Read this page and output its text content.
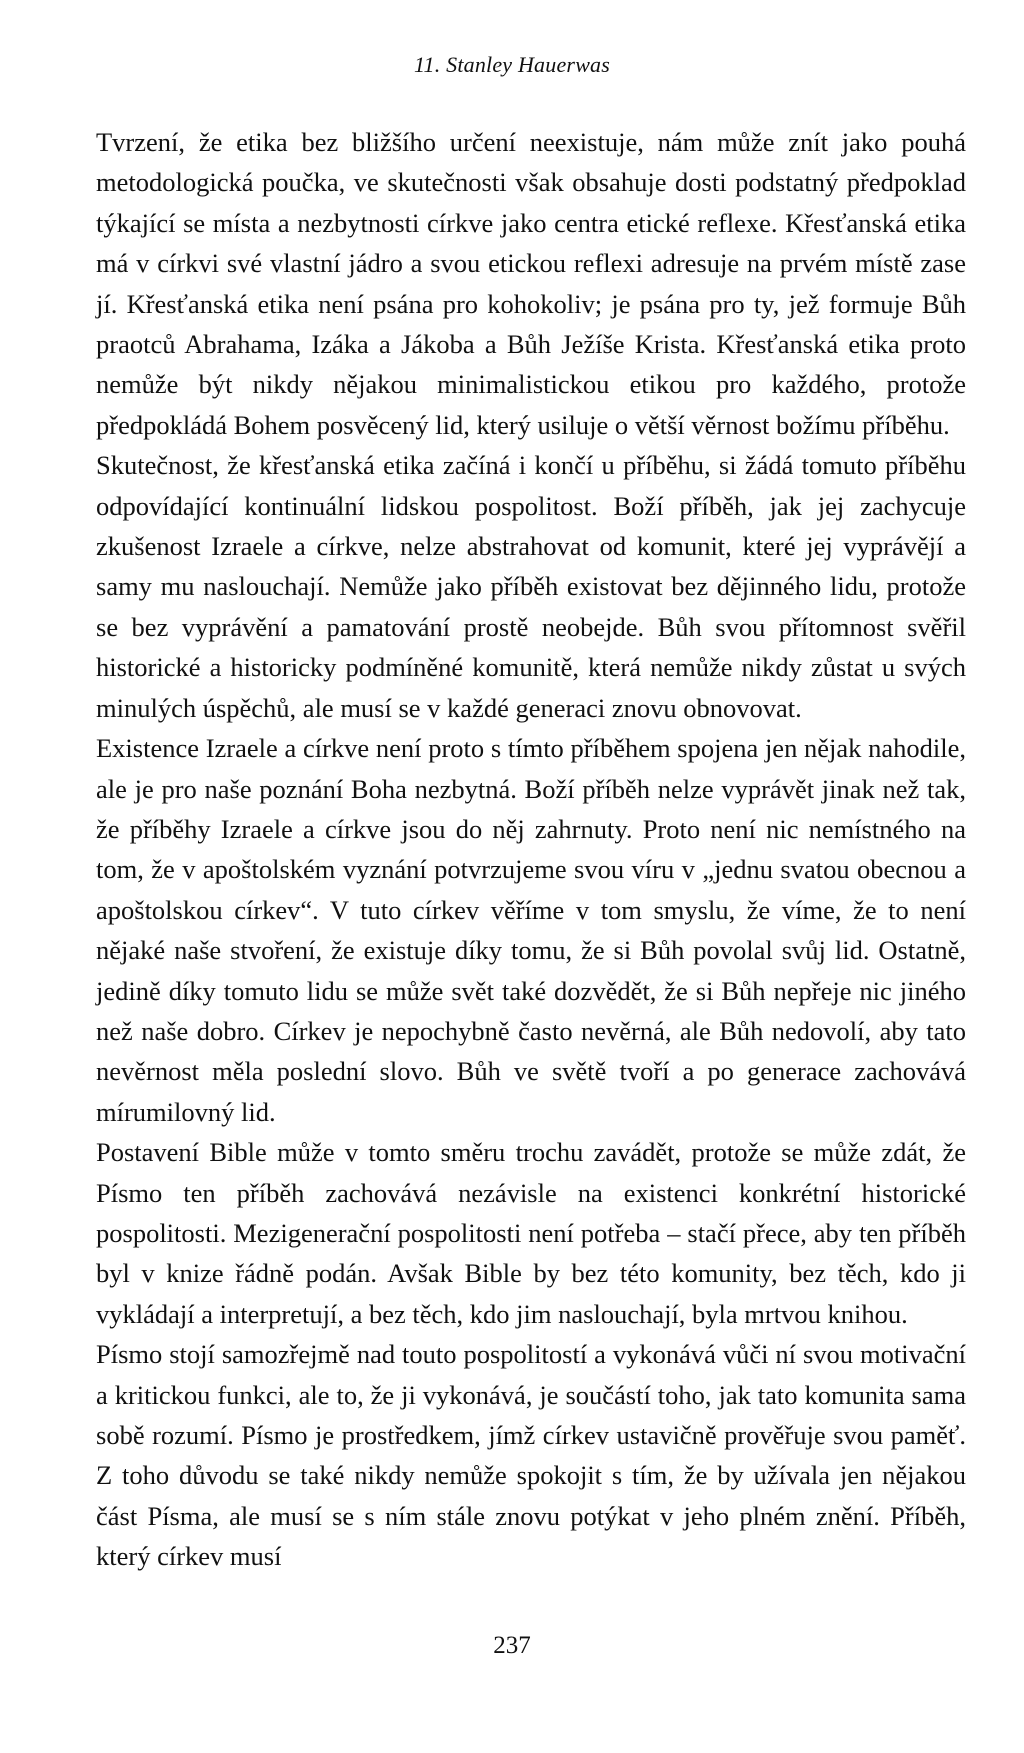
11. Stanley Hauerwas

Tvrzení, že etika bez bližšího určení neexistuje, nám může znít jako pouhá metodologická poučka, ve skutečnosti však obsahuje dosti podstatný předpoklad týkající se místa a nezbytnosti církve jako centra etické reflexe. Křesťanská etika má v církvi své vlastní jádro a svou etickou reflexi adresuje na prvém místě zase jí. Křesťanská etika není psána pro kohokoliv; je psána pro ty, jež formuje Bůh praotců Abrahama, Izáka a Jákoba a Bůh Ježíše Krista. Křesťanská etika proto nemůže být nikdy nějakou minimalistickou etikou pro každého, protože předpokládá Bohem posvěcený lid, který usiluje o větší věrnost božímu příběhu.

Skutečnost, že křesťanská etika začíná i končí u příběhu, si žádá tomuto příběhu odpovídající kontinuální lidskou pospolitost. Boží příběh, jak jej zachycuje zkušenost Izraele a církve, nelze abstrahovat od komunit, které jej vyprávějí a samy mu naslouchají. Nemůže jako příběh existovat bez dějinného lidu, protože se bez vyprávění a pamatování prostě neobejde. Bůh svou přítomnost svěřil historické a historicky podmíněné komunitě, která nemůže nikdy zůstat u svých minulých úspěchů, ale musí se v každé generaci znovu obnovovat.

Existence Izraele a církve není proto s tímto příběhem spojena jen nějak nahodile, ale je pro naše poznání Boha nezbytná. Boží příběh nelze vyprávět jinak než tak, že příběhy Izraele a církve jsou do něj zahrnuty. Proto není nic nemístného na tom, že v apoštolském vyznání potvrzujeme svou víru v „jednu svatou obecnou a apoštolskou církev“. V tuto církev věříme v tom smyslu, že víme, že to není nějaké naše stvoření, že existuje díky tomu, že si Bůh povolal svůj lid. Ostatně, jedině díky tomuto lidu se může svět také dozvědět, že si Bůh nepřeje nic jiného než naše dobro. Církev je nepochybně často nevěrná, ale Bůh nedovolí, aby tato nevěrnost měla poslední slovo. Bůh ve světě tvoří a po generace zachovává mírumilovný lid.

Postavení Bible může v tomto směru trochu zavádět, protože se může zdát, že Písmo ten příběh zachovává nezávisle na existenci konkrétní historické pospolitosti. Mezigenerační pospolitosti není potřeba – stačí přece, aby ten příběh byl v knize řádně podán. Avšak Bible by bez této komunity, bez těch, kdo ji vykládají a interpretují, a bez těch, kdo jim naslouchají, byla mrtvou knihou.

Písmo stojí samozřejmě nad touto pospolitostí a vykonává vůči ní svou motivační a kritickou funkci, ale to, že ji vykonává, je součástí toho, jak tato komunita sama sobě rozumí. Písmo je prostředkem, jímž církev ustavičně prověřuje svou paměť. Z toho důvodu se také nikdy nemůže spokojit s tím, že by užívala jen nějakou část Písma, ale musí se s ním stále znovu potýkat v jeho plném znění. Příběh, který církev musí

237
